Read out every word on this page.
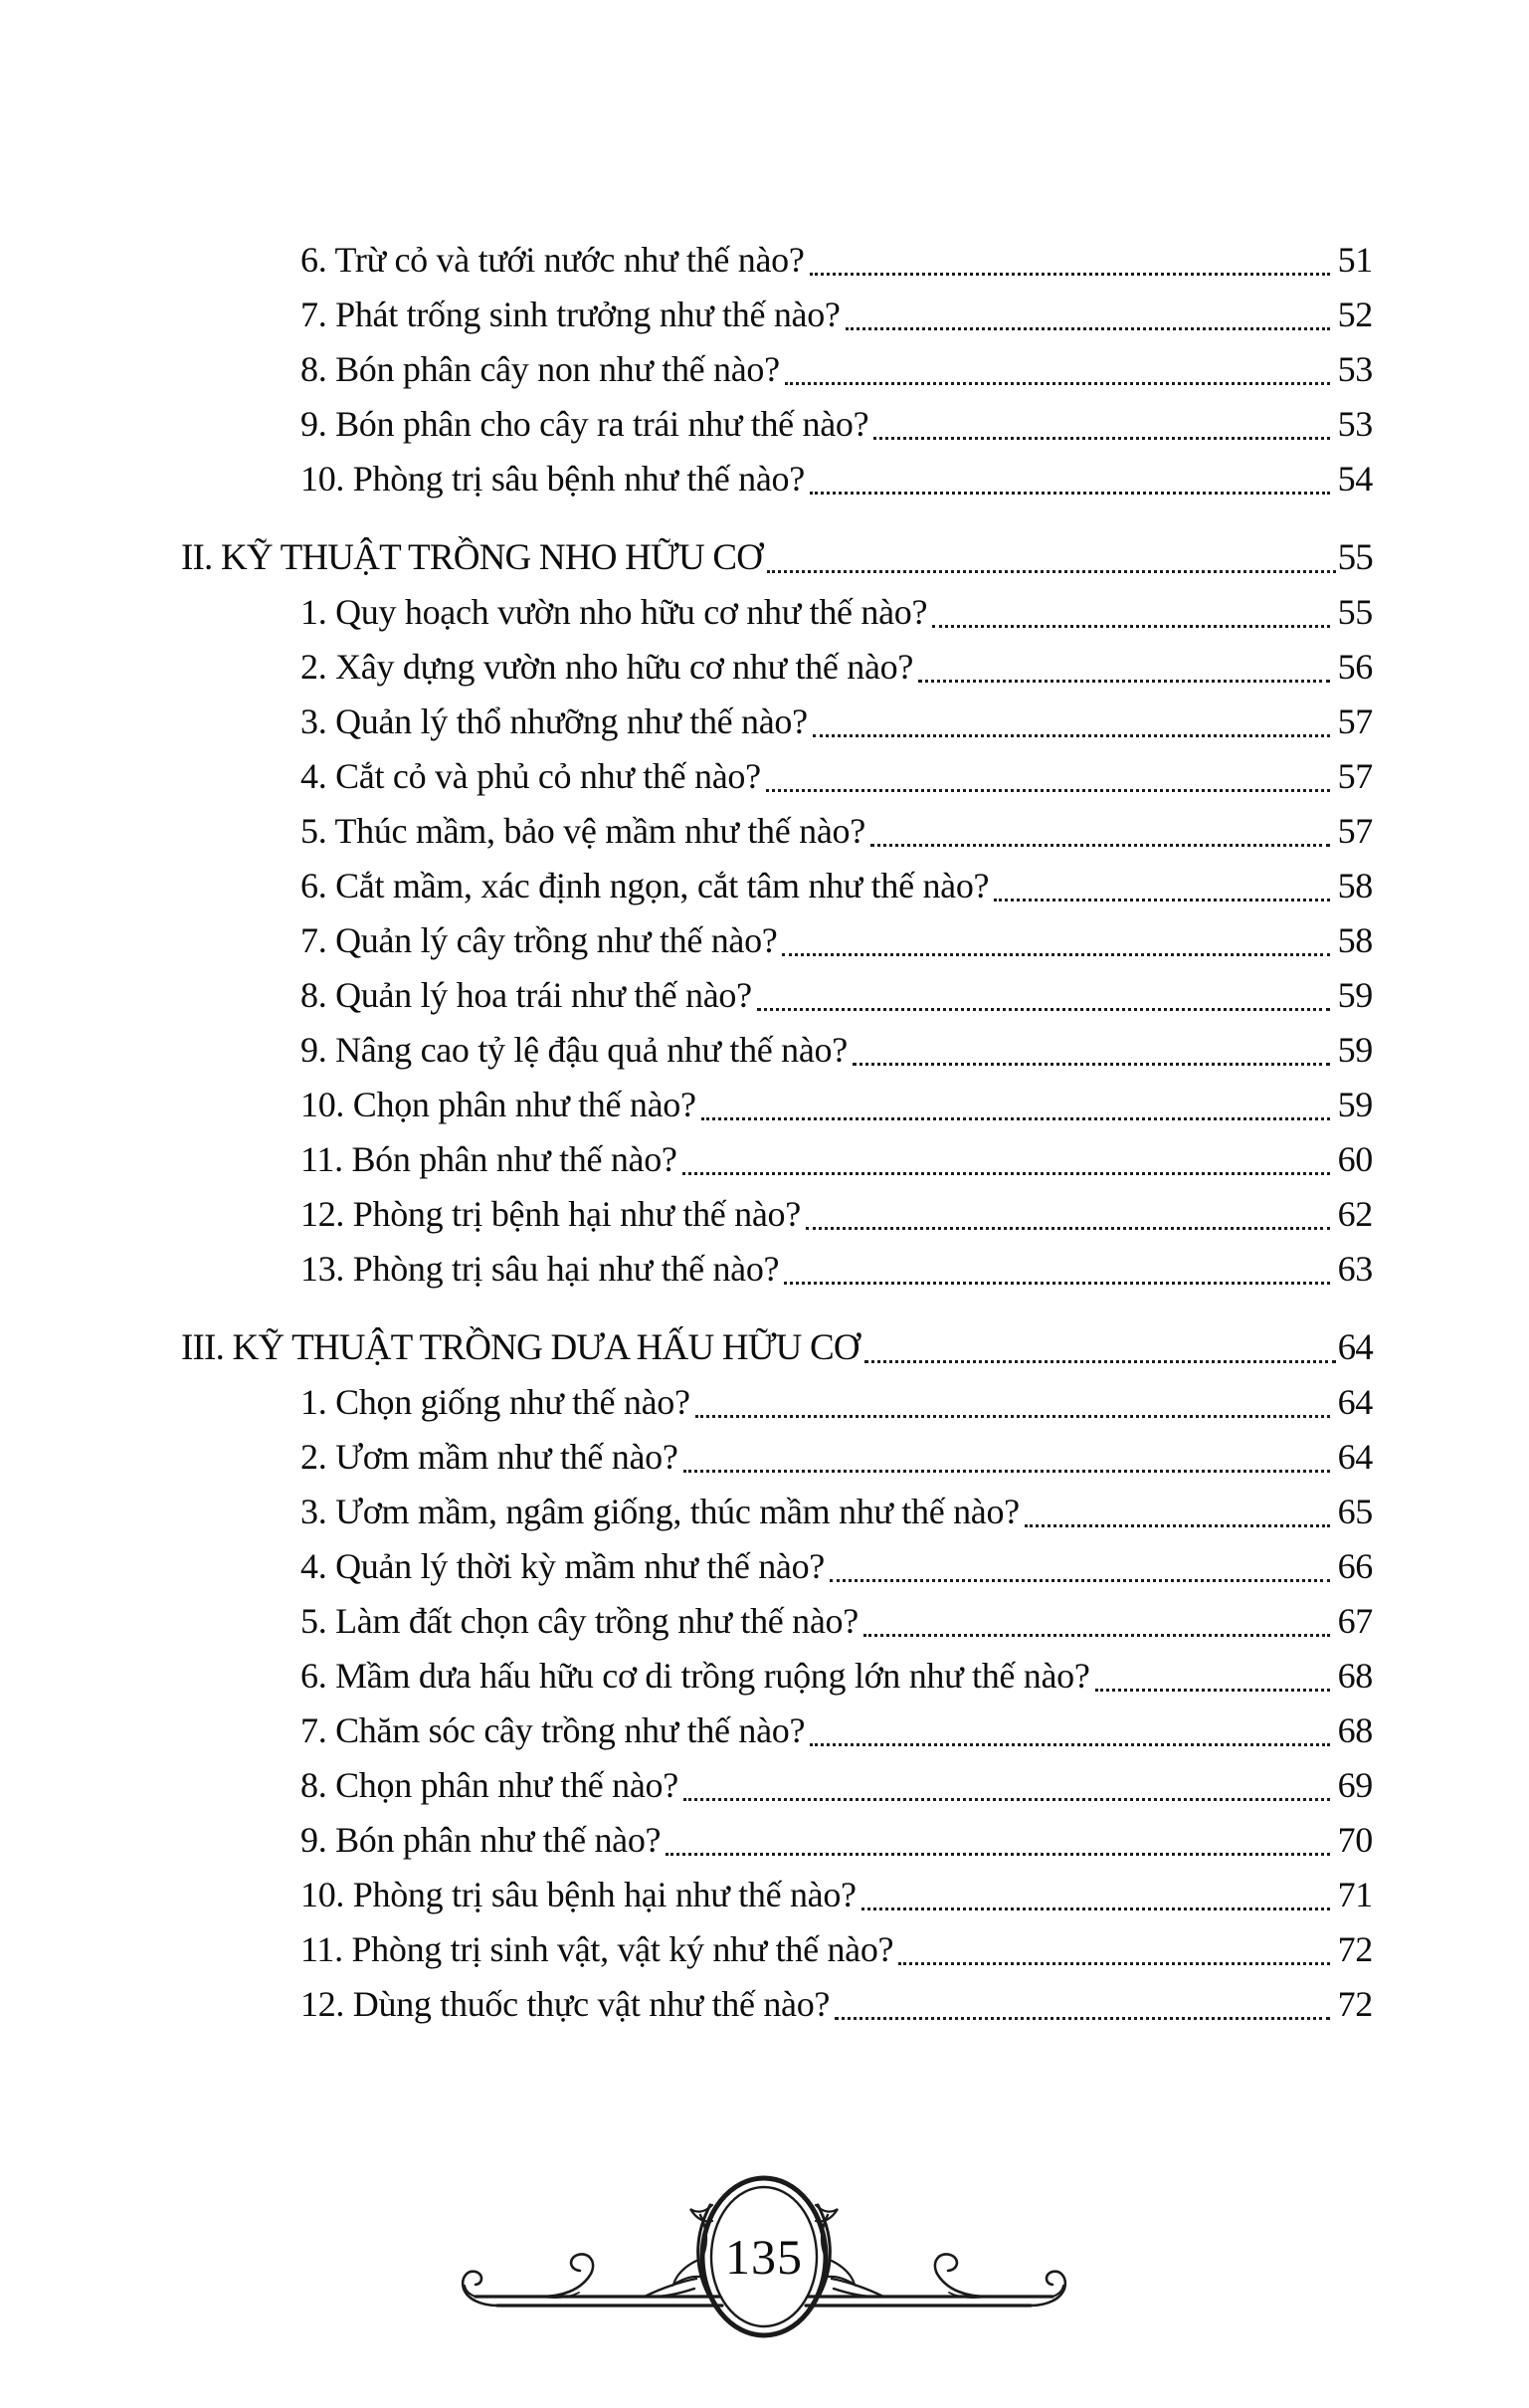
6. Trừ cỏ và tưới nước như thế nào?	51
7. Phát trống sinh trưởng như thế nào?	52
8. Bón phân cây non như thế nào?	53
9. Bón phân cho cây ra trái như thế nào?	53
10. Phòng trị sâu bệnh như thế nào?	54
II. KỸ THUẬT TRỒNG NHO HỮU CƠ	55
1. Quy hoạch vườn nho hữu cơ như thế nào?	55
2. Xây dựng vườn nho hữu cơ như thế nào?	56
3. Quản lý thổ nhưỡng như thế nào?	57
4. Cắt cỏ và phủ cỏ như thế nào?	57
5. Thúc mầm, bảo vệ mầm như thế nào?	57
6. Cắt mầm, xác định ngọn, cắt tâm như thế nào?	58
7. Quản lý cây trồng như thế nào?	58
8. Quản lý hoa trái như thế nào?	59
9. Nâng cao tỷ lệ đậu quả như thế nào?	59
10. Chọn phân như thế nào?	59
11. Bón phân như thế nào?	60
12. Phòng trị bệnh hại như thế nào?	62
13. Phòng trị sâu hại như thế nào?	63
III. KỸ THUẬT TRỒNG DƯA HẤU HỮU CƠ	64
1. Chọn giống như thế nào?	64
2. Ươm mầm như thế nào?	64
3. Ươm mầm, ngâm giống, thúc mầm như thế nào?	65
4. Quản lý thời kỳ mầm như thế nào?	66
5. Làm đất chọn cây trồng như thế nào?	67
6. Mầm dưa hấu hữu cơ di trồng ruộng lớn như thế nào?	68
7. Chăm sóc cây trồng như thế nào?	68
8. Chọn phân như thế nào?	69
9. Bón phân như thế nào?	70
10. Phòng trị sâu bệnh hại như thế nào?	71
11. Phòng trị sinh vật, vật ký như thế nào?	72
12. Dùng thuốc thực vật như thế nào?	72
135
